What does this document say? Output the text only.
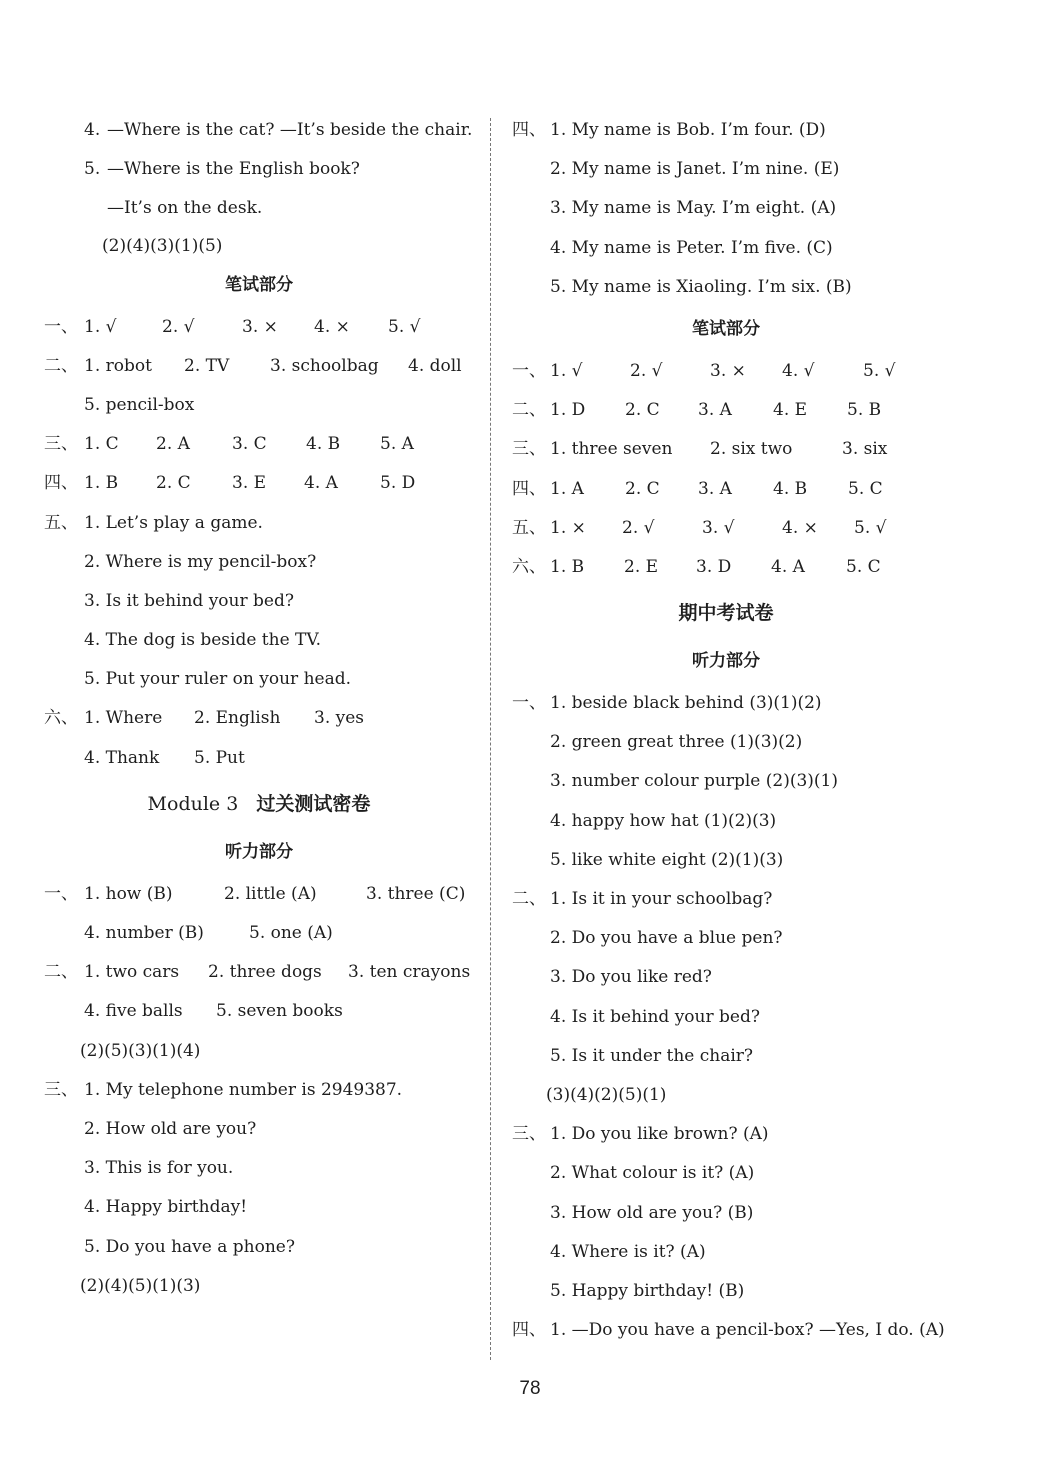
4. —Where is the cat? —It’s beside the chair.
5. —Where is the English book?
—It’s on the desk.
(2)(4)(3)(1)(5)
笔试部分
一、 1. √	2. √	3. × 4. × 5. √
二、 1. robot 2. TV 3. schoolbag 4. doll
5. pencil-box
三、 1. C 2. A 3. C 4. B 5. A
四、 1. B 2. C 3. E 4. A 5. D
五、 1. Let’s play a game.
2. Where is my pencil-box?
3. Is it behind your bed?
4. The dog is beside the TV.
5. Put your ruler on your head.
六、 1. Where 2. English 3. yes
4. Thank 5. Put
Module 3 过关测试密卷
听力部分
一、 1. how (B)	2. little (A)	3. three (C)
4. number (B)	5. one (A)
二、 1. two cars 2. three dogs 3. ten crayons
4. five balls 5. seven books
(2)(5)(3)(1)(4)
三、 1. My telephone number is 2949387.
2. How old are you?
3. This is for you.
4. Happy birthday!
5. Do you have a phone?
(2)(4)(5)(1)(3)
四、 1. My name is Bob. I’m four. (D)
2. My name is Janet. I’m nine. (E)
3. My name is May. I’m eight. (A)
4. My name is Peter. I’m five. (C)
5. My name is Xiaoling. I’m six. (B)
笔试部分
一、 1. √	2. √	3. × 4. √	5. √
二、 1. D 2. C 3. A 4. E 5. B
三、 1. three seven 2. six two	3. six
四、 1. A 2. C 3. A 4. B 5. C
五、 1. × 2. √	3. √	4. × 5. √
六、 1. B 2. E 3. D 4. A 5. C
期中考试卷
听力部分
一、 1. beside black behind (3)(1)(2)
2. green great three (1)(3)(2)
3. number colour purple (2)(3)(1)
4. happy how hat (1)(2)(3)
5. like white eight (2)(1)(3)
二、 1. Is it in your schoolbag?
2. Do you have a blue pen?
3. Do you like red?
4. Is it behind your bed?
5. Is it under the chair?
(3)(4)(2)(5)(1)
三、 1. Do you like brown? (A)
2. What colour is it? (A)
3. How old are you? (B)
4. Where is it? (A)
5. Happy birthday! (B)
四、 1. —Do you have a pencil-box? —Yes, I do. (A)
78
